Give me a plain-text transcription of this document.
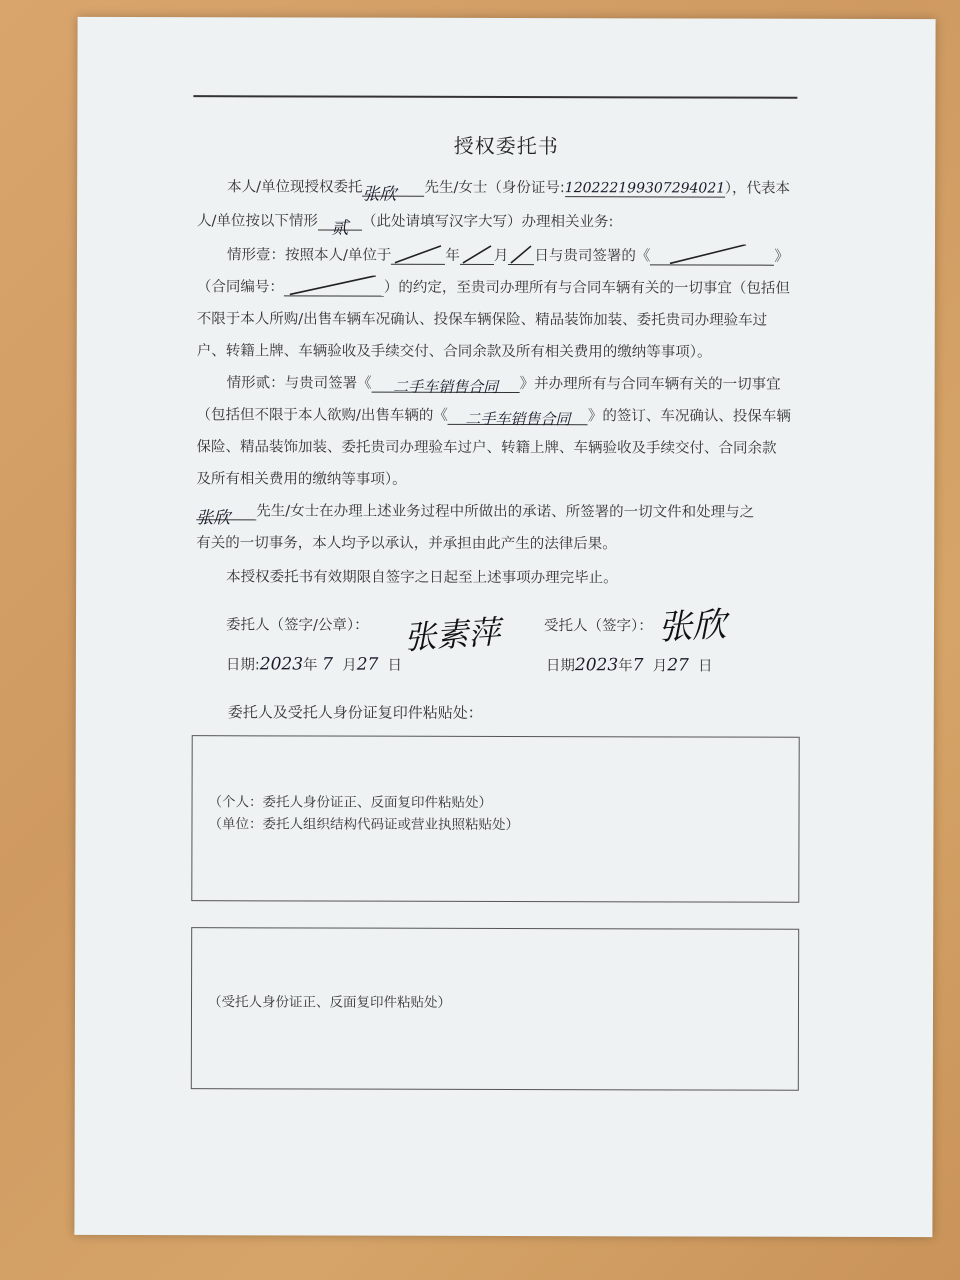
授权委托书
本人/单位现授权委托张欣 先生/女士（身份证号:120222199307294021），代表本
人/单位按以下情形 贰 （此处请填写汉字大写）办理相关业务:
情形壹：按照本人/单位于	年 月 日与贵司签署的《	》
（合同编号：	）的约定，至贵司办理所有与合同车辆有关的一切事宜（包括但
不限于本人所购/出售车辆车况确认、投保车辆保险、精品装饰加装、委托贵司办理验车过
户、转籍上牌、车辆验收及手续交付、合同余款及所有相关费用的缴纳等事项）。
情形贰：与贵司签署《 二手车销售合同 》并办理所有与合同车辆有关的一切事宜
（包括但不限于本人欲购/出售车辆的《 二手车销售合同 》的签订、车况确认、投保车辆
保险、精品装饰加装、委托贵司办理验车过户、转籍上牌、车辆验收及手续交付、合同余款
及所有相关费用的缴纳等事项）。
张欣 先生/女士在办理上述业务过程中所做出的承诺、所签署的一切文件和处理与之
有关的一切事务，本人均予以承认，并承担由此产生的法律后果。
本授权委托书有效期限自签字之日起至上述事项办理完毕止。
委托人（签字/公章）：	张素萍	受托人（签字）： 张欣
日期:2023年 7 月27 日	日期2023年7 月27 日
委托人及受托人身份证复印件粘贴处：
（个人：委托人身份证正、反面复印件粘贴处）
（单位：委托人组织结构代码证或营业执照粘贴处）
（受托人身份证正、反面复印件粘贴处）
